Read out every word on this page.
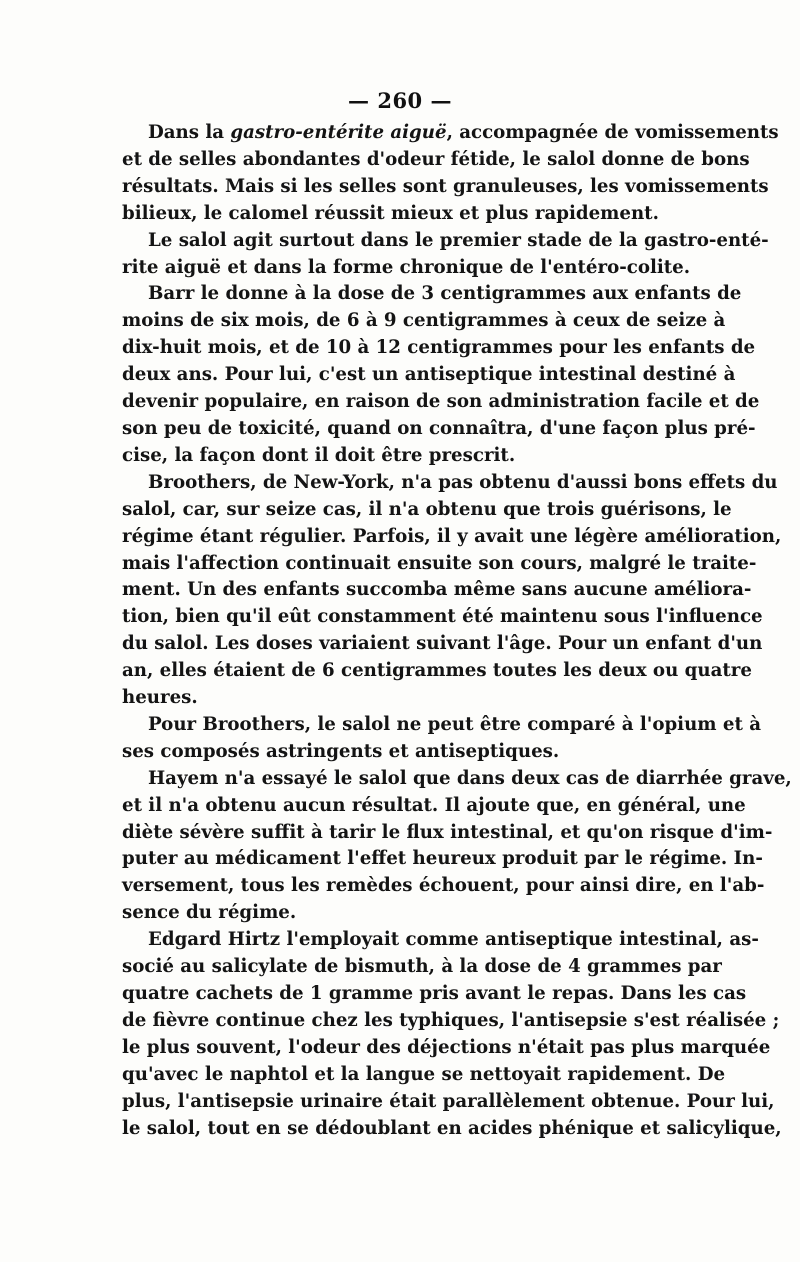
— 260 —
Dans la gastro-entérite aiguë, accompagnée de vomissements
et de selles abondantes d'odeur fétide, le salol donne de bons
résultats. Mais si les selles sont granuleuses, les vomissements
bilieux, le calomel réussit mieux et plus rapidement.
Le salol agit surtout dans le premier stade de la gastro-enté-
rite aiguë et dans la forme chronique de l'entéro-colite.
Barr le donne à la dose de 3 centigrammes aux enfants de
moins de six mois, de 6 à 9 centigrammes à ceux de seize à
dix-huit mois, et de 10 à 12 centigrammes pour les enfants de
deux ans. Pour lui, c'est un antiseptique intestinal destiné à
devenir populaire, en raison de son administration facile et de
son peu de toxicité, quand on connaîtra, d'une façon plus pré-
cise, la façon dont il doit être prescrit.
Broothers, de New-York, n'a pas obtenu d'aussi bons effets du
salol, car, sur seize cas, il n'a obtenu que trois guérisons, le
régime étant régulier. Parfois, il y avait une légère amélioration,
mais l'affection continuait ensuite son cours, malgré le traite-
ment. Un des enfants succomba même sans aucune améliora-
tion, bien qu'il eût constamment été maintenu sous l'influence
du salol. Les doses variaient suivant l'âge. Pour un enfant d'un
an, elles étaient de 6 centigrammes toutes les deux ou quatre
heures.
Pour Broothers, le salol ne peut être comparé à l'opium et à
ses composés astringents et antiseptiques.
Hayem n'a essayé le salol que dans deux cas de diarrhée grave,
et il n'a obtenu aucun résultat. Il ajoute que, en général, une
diète sévère suffit à tarir le flux intestinal, et qu'on risque d'im-
puter au médicament l'effet heureux produit par le régime. In-
versement, tous les remèdes échouent, pour ainsi dire, en l'ab-
sence du régime.
Edgard Hirtz l'employait comme antiseptique intestinal, as-
socié au salicylate de bismuth, à la dose de 4 grammes par
quatre cachets de 1 gramme pris avant le repas. Dans les cas
de fièvre continue chez les typhiques, l'antisepsie s'est réalisée ;
le plus souvent, l'odeur des déjections n'était pas plus marquée
qu'avec le naphtol et la langue se nettoyait rapidement. De
plus, l'antisepsie urinaire était parallèlement obtenue. Pour lui,
le salol, tout en se dédoublant en acides phénique et salicylique,
